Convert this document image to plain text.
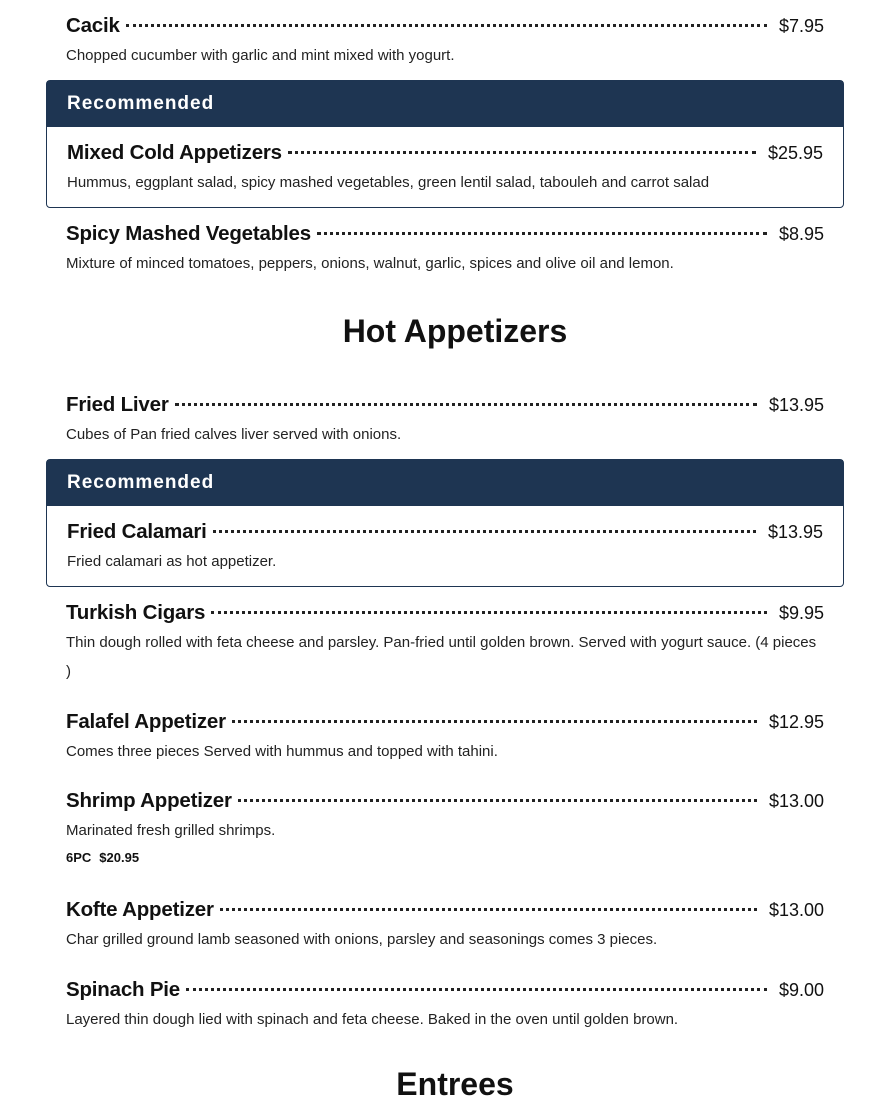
Cacik	$7.95
Chopped cucumber with garlic and mint mixed with yogurt.
Recommended
Mixed Cold Appetizers	$25.95
Hummus, eggplant salad, spicy mashed vegetables, green lentil salad, tabouleh and carrot salad
Spicy Mashed Vegetables	$8.95
Mixture of minced tomatoes, peppers, onions, walnut, garlic, spices and olive oil and lemon.
Hot Appetizers
Fried Liver	$13.95
Cubes of Pan fried calves liver served with onions.
Recommended
Fried Calamari	$13.95
Fried calamari as hot appetizer.
Turkish Cigars	$9.95
Thin dough rolled with feta cheese and parsley. Pan-fried until golden brown. Served with yogurt sauce. (4 pieces )
Falafel Appetizer	$12.95
Comes three pieces Served with hummus and topped with tahini.
Shrimp Appetizer	$13.00
Marinated fresh grilled shrimps.
6PC $20.95
Kofte Appetizer	$13.00
Char grilled ground lamb seasoned with onions, parsley and seasonings comes 3 pieces.
Spinach Pie	$9.00
Layered thin dough lied with spinach and feta cheese. Baked in the oven until golden brown.
Entrees
